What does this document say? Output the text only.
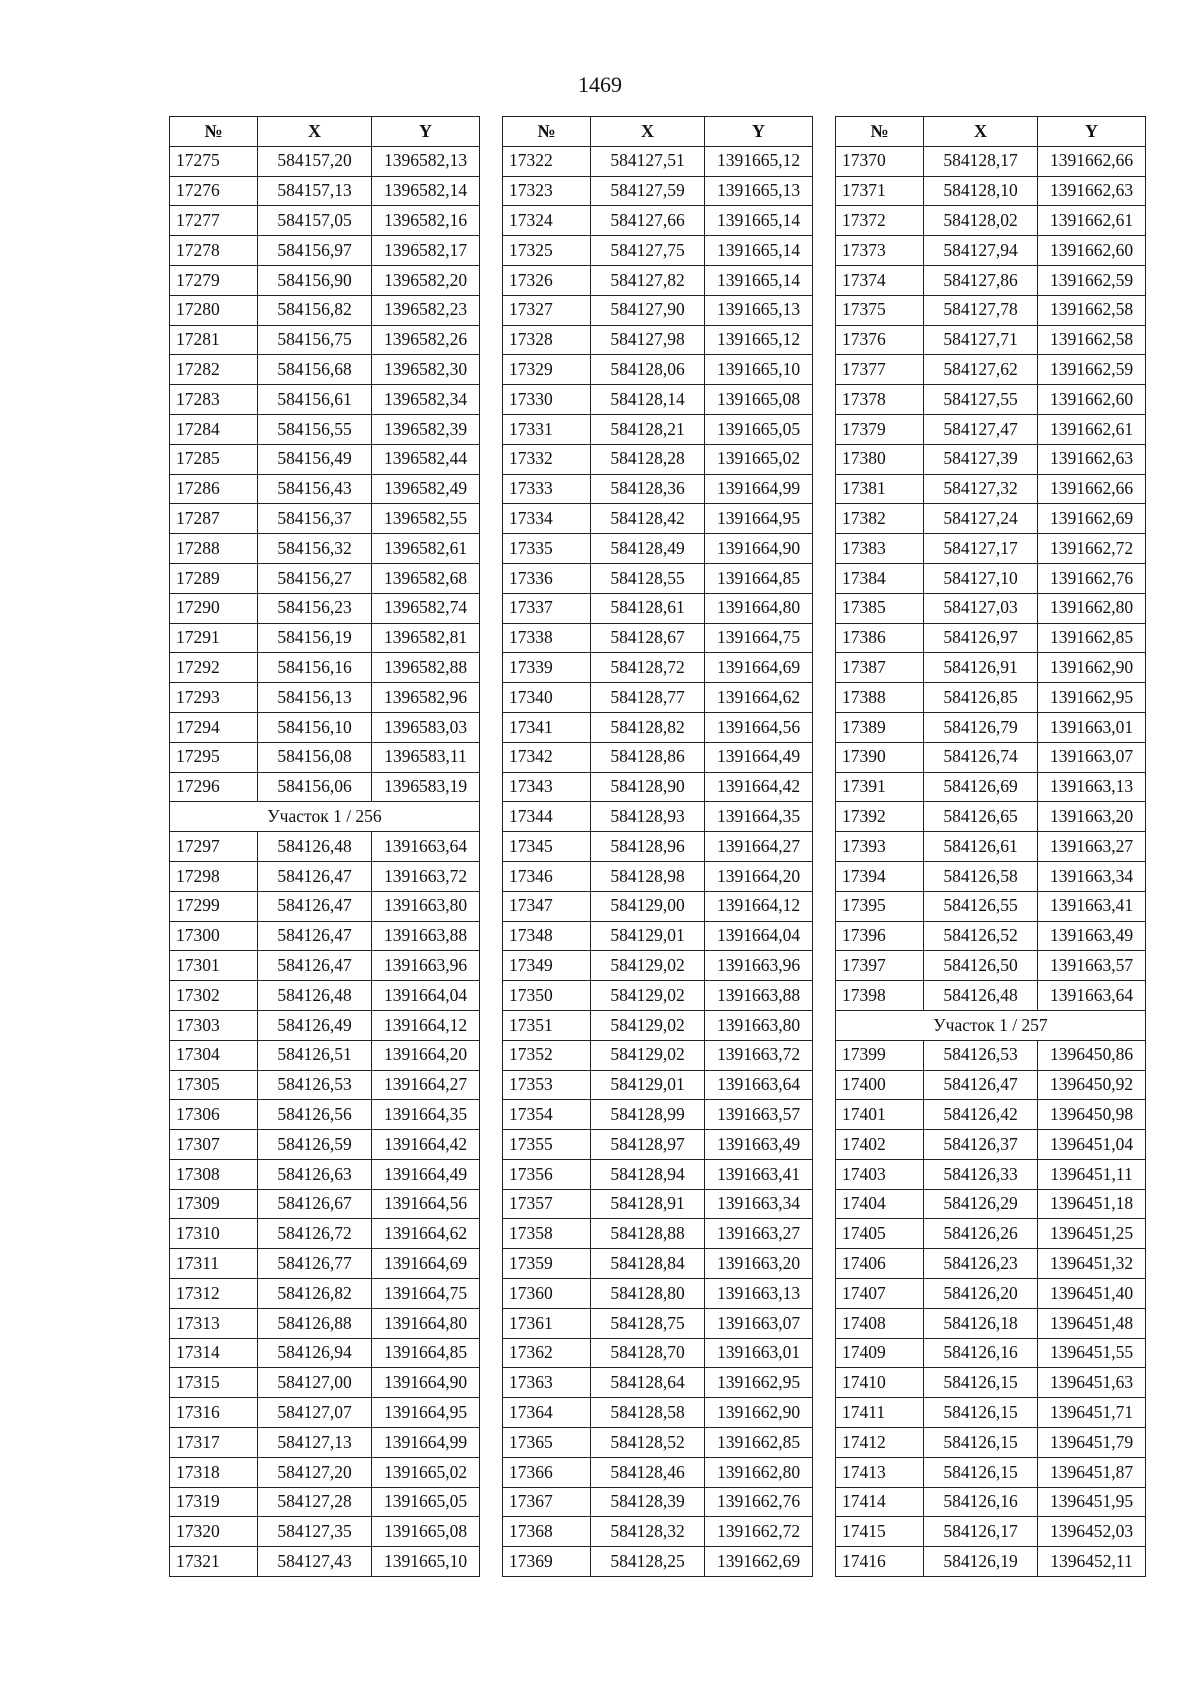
1469
№	X	Y
17275	584157,20	1396582,13
17276	584157,13	1396582,14
17277	584157,05	1396582,16
17278	584156,97	1396582,17
17279	584156,90	1396582,20
17280	584156,82	1396582,23
17281	584156,75	1396582,26
17282	584156,68	1396582,30
17283	584156,61	1396582,34
17284	584156,55	1396582,39
17285	584156,49	1396582,44
17286	584156,43	1396582,49
17287	584156,37	1396582,55
17288	584156,32	1396582,61
17289	584156,27	1396582,68
17290	584156,23	1396582,74
17291	584156,19	1396582,81
17292	584156,16	1396582,88
17293	584156,13	1396582,96
17294	584156,10	1396583,03
17295	584156,08	1396583,11
17296	584156,06	1396583,19
Участок 1 / 256		
17297	584126,48	1391663,64
17298	584126,47	1391663,72
17299	584126,47	1391663,80
17300	584126,47	1391663,88
17301	584126,47	1391663,96
17302	584126,48	1391664,04
17303	584126,49	1391664,12
17304	584126,51	1391664,20
17305	584126,53	1391664,27
17306	584126,56	1391664,35
17307	584126,59	1391664,42
17308	584126,63	1391664,49
17309	584126,67	1391664,56
17310	584126,72	1391664,62
17311	584126,77	1391664,69
17312	584126,82	1391664,75
17313	584126,88	1391664,80
17314	584126,94	1391664,85
17315	584127,00	1391664,90
17316	584127,07	1391664,95
17317	584127,13	1391664,99
17318	584127,20	1391665,02
17319	584127,28	1391665,05
17320	584127,35	1391665,08
17321	584127,43	1391665,10
№	X	Y
17322	584127,51	1391665,12
17323	584127,59	1391665,13
17324	584127,66	1391665,14
17325	584127,75	1391665,14
17326	584127,82	1391665,14
17327	584127,90	1391665,13
17328	584127,98	1391665,12
17329	584128,06	1391665,10
17330	584128,14	1391665,08
17331	584128,21	1391665,05
17332	584128,28	1391665,02
17333	584128,36	1391664,99
17334	584128,42	1391664,95
17335	584128,49	1391664,90
17336	584128,55	1391664,85
17337	584128,61	1391664,80
17338	584128,67	1391664,75
17339	584128,72	1391664,69
17340	584128,77	1391664,62
17341	584128,82	1391664,56
17342	584128,86	1391664,49
17343	584128,90	1391664,42
17344	584128,93	1391664,35
17345	584128,96	1391664,27
17346	584128,98	1391664,20
17347	584129,00	1391664,12
17348	584129,01	1391664,04
17349	584129,02	1391663,96
17350	584129,02	1391663,88
17351	584129,02	1391663,80
17352	584129,02	1391663,72
17353	584129,01	1391663,64
17354	584128,99	1391663,57
17355	584128,97	1391663,49
17356	584128,94	1391663,41
17357	584128,91	1391663,34
17358	584128,88	1391663,27
17359	584128,84	1391663,20
17360	584128,80	1391663,13
17361	584128,75	1391663,07
17362	584128,70	1391663,01
17363	584128,64	1391662,95
17364	584128,58	1391662,90
17365	584128,52	1391662,85
17366	584128,46	1391662,80
17367	584128,39	1391662,76
17368	584128,32	1391662,72
17369	584128,25	1391662,69
№	X	Y
17370	584128,17	1391662,66
17371	584128,10	1391662,63
17372	584128,02	1391662,61
17373	584127,94	1391662,60
17374	584127,86	1391662,59
17375	584127,78	1391662,58
17376	584127,71	1391662,58
17377	584127,62	1391662,59
17378	584127,55	1391662,60
17379	584127,47	1391662,61
17380	584127,39	1391662,63
17381	584127,32	1391662,66
17382	584127,24	1391662,69
17383	584127,17	1391662,72
17384	584127,10	1391662,76
17385	584127,03	1391662,80
17386	584126,97	1391662,85
17387	584126,91	1391662,90
17388	584126,85	1391662,95
17389	584126,79	1391663,01
17390	584126,74	1391663,07
17391	584126,69	1391663,13
17392	584126,65	1391663,20
17393	584126,61	1391663,27
17394	584126,58	1391663,34
17395	584126,55	1391663,41
17396	584126,52	1391663,49
17397	584126,50	1391663,57
17398	584126,48	1391663,64
Участок 1 / 257		
17399	584126,53	1396450,86
17400	584126,47	1396450,92
17401	584126,42	1396450,98
17402	584126,37	1396451,04
17403	584126,33	1396451,11
17404	584126,29	1396451,18
17405	584126,26	1396451,25
17406	584126,23	1396451,32
17407	584126,20	1396451,40
17408	584126,18	1396451,48
17409	584126,16	1396451,55
17410	584126,15	1396451,63
17411	584126,15	1396451,71
17412	584126,15	1396451,79
17413	584126,15	1396451,87
17414	584126,16	1396451,95
17415	584126,17	1396452,03
17416	584126,19	1396452,11
